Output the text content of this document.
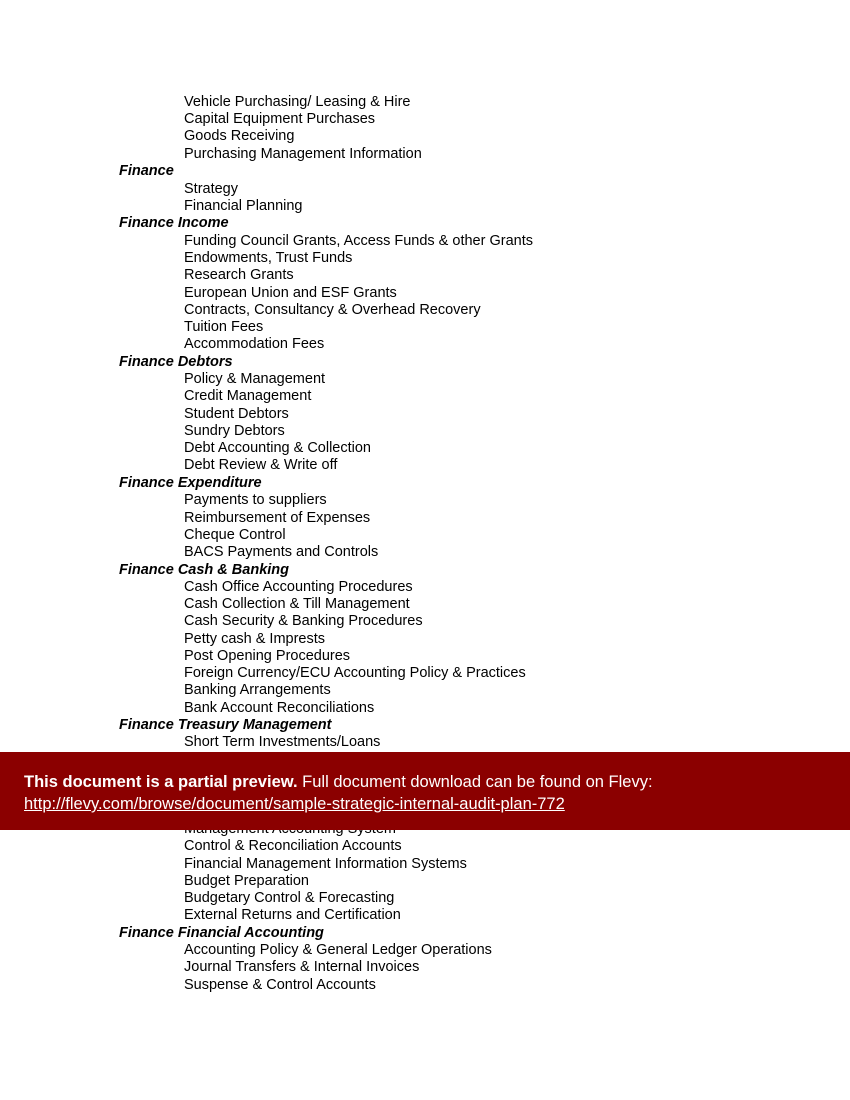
Vehicle Purchasing/ Leasing & Hire
Capital Equipment Purchases
Goods Receiving
Purchasing Management Information
Finance
Strategy
Financial Planning
Finance Income
Funding Council Grants, Access Funds & other Grants
Endowments, Trust Funds
Research Grants
European Union and ESF Grants
Contracts, Consultancy & Overhead Recovery
Tuition Fees
Accommodation Fees
Finance Debtors
Policy & Management
Credit Management
Student Debtors
Sundry Debtors
Debt Accounting & Collection
Debt Review & Write off
Finance Expenditure
Payments to suppliers
Reimbursement of Expenses
Cheque Control
BACS Payments and Controls
Finance Cash & Banking
Cash Office Accounting Procedures
Cash Collection & Till Management
Cash Security & Banking Procedures
Petty cash & Imprests
Post Opening Procedures
Foreign Currency/ECU Accounting Policy & Practices
Banking Arrangements
Bank Account Reconciliations
Finance Treasury Management
Short Term Investments/Loans
Control & Reconciliation Accounts
Financial Management Information Systems
Budget Preparation
Budgetary Control & Forecasting
External Returns and Certification
Finance Financial Accounting
Accounting Policy & General Ledger Operations
Journal Transfers & Internal Invoices
Suspense & Control Accounts
This document is a partial preview. Full document download can be found on Flevy:
http://flevy.com/browse/document/sample-strategic-internal-audit-plan-772
